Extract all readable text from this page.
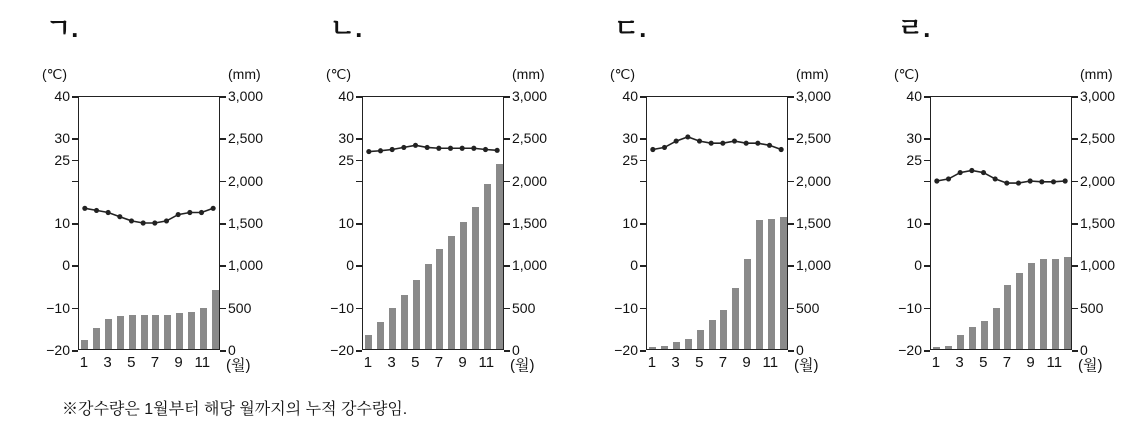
ㄱ.
(℃)	(mm)
40
30
25
10
0
−10
−20
3,000
2,500
2,000
1,500
1,000
500
0
1 3 5 7 9 11 (월)
ㄴ.
(℃)	(mm)
40
30
25
10
0
−10
−20
3,000
2,500
2,000
1,500
1,000
500
0
1 3 5 7 9 11 (월)
ㄷ.
(℃)	(mm)
40
30
25
10
0
−10
−20
3,000
2,500
2,000
1,500
1,000
500
0
1 3 5 7 9 11 (월)
ㄹ.
(℃)	(mm)
40
30
25
10
0
−10
−20
3,000
2,500
2,000
1,500
1,000
500
0
1 3 5 7 9 11 (월)
※강수량은 1월부터 해당 월까지의 누적 강수량임.
